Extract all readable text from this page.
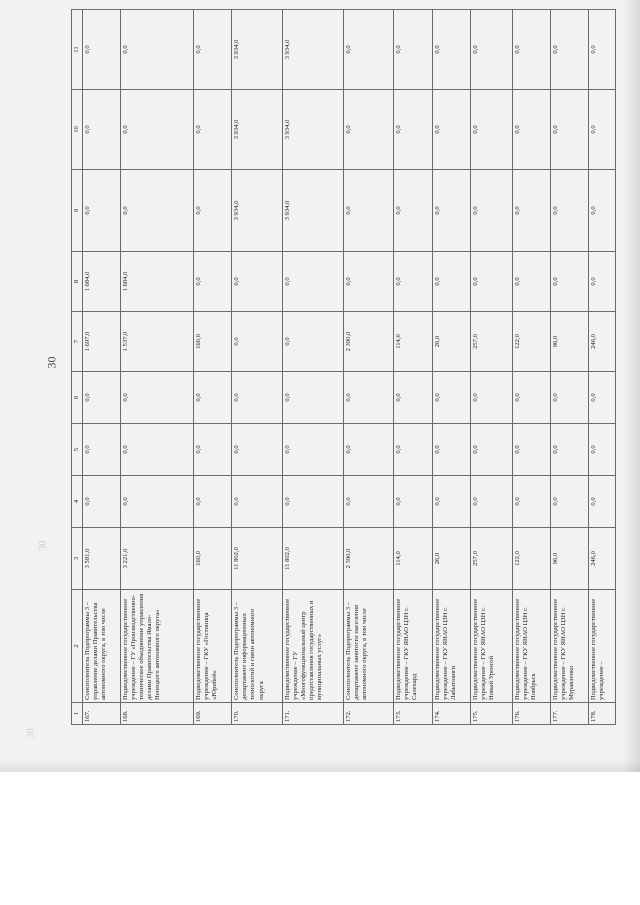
30
30
30
1	2	3	4	5	6	7	8	9	10	11
167.	Соисполнитель Подпрограммы 3 – управление делами Правительства автономного округа, в том числе	3 581,0	0,0	0,0	0,0	1 697,0	1 684,0	0,0	0,0	0,0
168.	Подведомственное государственное учреждение – ГУ «Производственно-техническое объединение управления делами Правительства Ямало-Ненецкого автономного округа»	3 221,0	0,0	0,0	0,0	1 537,0	1 684,0	0,0	0,0	0,0
169.	Подведомственное государственное учреждение – ГКУ «Гостиница «Юрибей»	160,0	0,0	0,0	0,0	160,0	0,0	0,0	0,0	0,0
170.	Соисполнитель Подпрограммы 3 – департамент информационных технологий и связи автономного округа	11 802,0	0,0	0,0	0,0	0,0	0,0	3 934,0	3 934,0	3 934,0
171.	Подведомственное государственное учреждение – ГУ «Многофункциональный центр предоставления государственных и муниципальных услуг»	11 802,0	0,0	0,0	0,0	0,0	0,0	3 934,0	3 934,0	3 934,0
172.	Соисполнитель Подпрограммы 3 – департамент занятости населения автономного округа, в том числе	2 390,0	0,0	0,0	0,0	2 390,0	0,0	0,0	0,0	0,0
173.	Подведомственное государственное учреждение – ГКУ ЯНАО ЦЗН г. Салехард	114,0	0,0	0,0	0,0	114,0	0,0	0,0	0,0	0,0
174.	Подведомственное государственное учреждение – ГКУ ЯНАО ЦЗН г. Лабытнанги	26,0	0,0	0,0	0,0	26,0	0,0	0,0	0,0	0,0
175.	Подведомственное государственное учреждение – ГКУ ЯНАО ЦЗН г. Новый Уренгой	257,0	0,0	0,0	0,0	257,0	0,0	0,0	0,0	0,0
176.	Подведомственное государственное учреждение – ГКУ ЯНАО ЦЗН г. Ноябрьск	122,0	0,0	0,0	0,0	122,0	0,0	0,0	0,0	0,0
177.	Подведомственное государственное учреждение – ГКУ ЯНАО ЦЗН г. Муравленко	96,0	0,0	0,0	0,0	96,0	0,0	0,0	0,0	0,0
178.	Подведомственное государственное учреждение –	246,0	0,0	0,0	0,0	246,0	0,0	0,0	0,0	0,0
